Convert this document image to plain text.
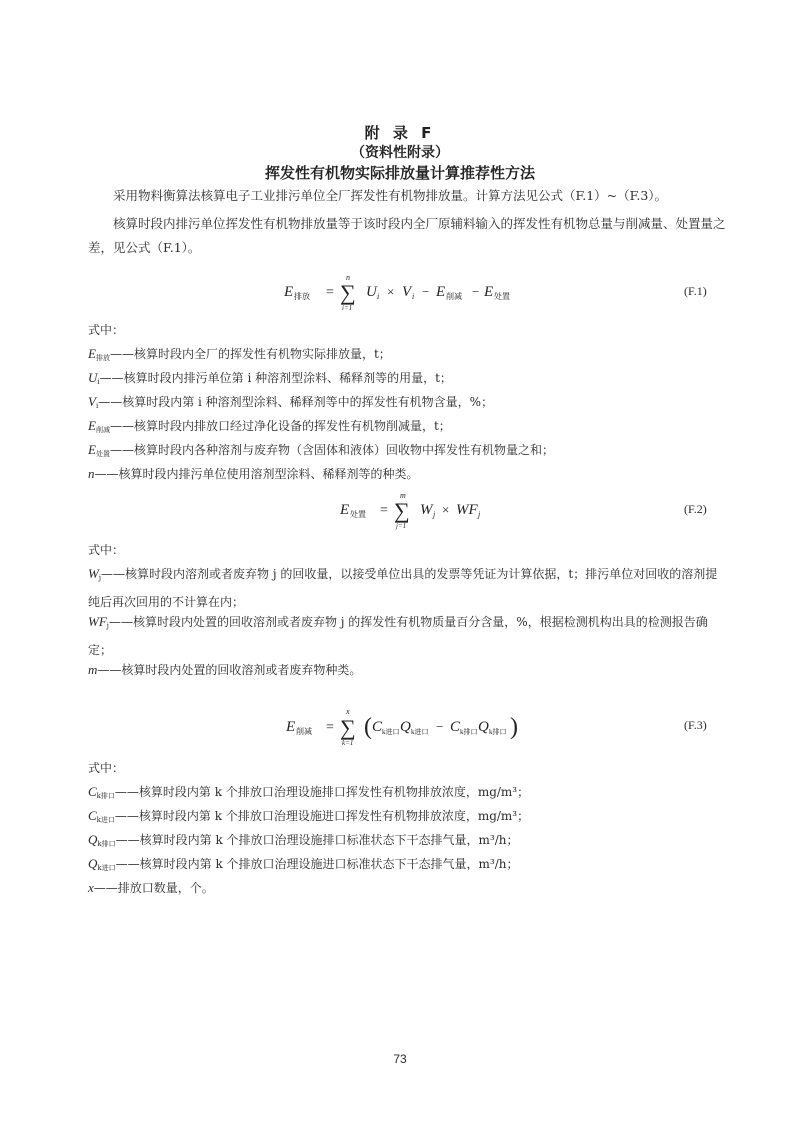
附 录 F
（资料性附录）
挥发性有机物实际排放量计算推荐性方法
采用物料衡算法核算电子工业排污单位全厂挥发性有机物排放量。计算方法见公式（F.1）~（F.3）。
核算时段内排污单位挥发性有机物排放量等于该时段内全厂原辅料输入的挥发性有机物总量与削减量、处置量之差，见公式（F.1）。
E 排放 =
n
∑
i=1
U i × V i − E 削减 − E 处置	(F.1)
式中：
$E_{排放}——$核算时段内全厂的挥发性有机物实际排放量，t；
$U_i——$核算时段内排污单位第 i 种溶剂型涂料、稀释剂等的用量，t；
$V_i——$核算时段内第 i 种溶剂型涂料、稀释剂等中的挥发性有机物含量，%；
$E_{削减}——$核算时段内排放口经过净化设备的挥发性有机物削减量，t；
$E_{处置}——$核算时段内各种溶剂与废弃物（含固体和液体）回收物中挥发性有机物量之和；
n——核算时段内排污单位使用溶剂型涂料、稀释剂等的种类。
E 处置 =
m
∑
j=1
W j × WF j	(F.2)
式中：
$W_j——$核算时段内溶剂或者废弃物 j 的回收量，以接受单位出具的发票等凭证为计算依据，t；排污单位对回收的溶剂提纯后再次回用的不计算在内；
$WF_j——$核算时段内处置的回收溶剂或者废弃物 j 的挥发性有机物质量百分含量，%，根据检测机构出具的检测报告确定；
m——核算时段内处置的回收溶剂或者废弃物种类。
E 削减 =
x
∑
k=1
( C k进口 Q k进口 − C k排口 Q k排口 )	(F.3)
式中：
$C_{k排口}——$核算时段内第 k 个排放口治理设施排口挥发性有机物排放浓度，mg/m³；
$C_{k进口}——$核算时段内第 k 个排放口治理设施进口挥发性有机物排放浓度，mg/m³；
$Q_{k排口}——$核算时段内第 k 个排放口治理设施排口标准状态下干态排气量，m³/h；
$Q_{k进口}——$核算时段内第 k 个排放口治理设施进口标准状态下干态排气量，m³/h；
x——排放口数量，个。
73
